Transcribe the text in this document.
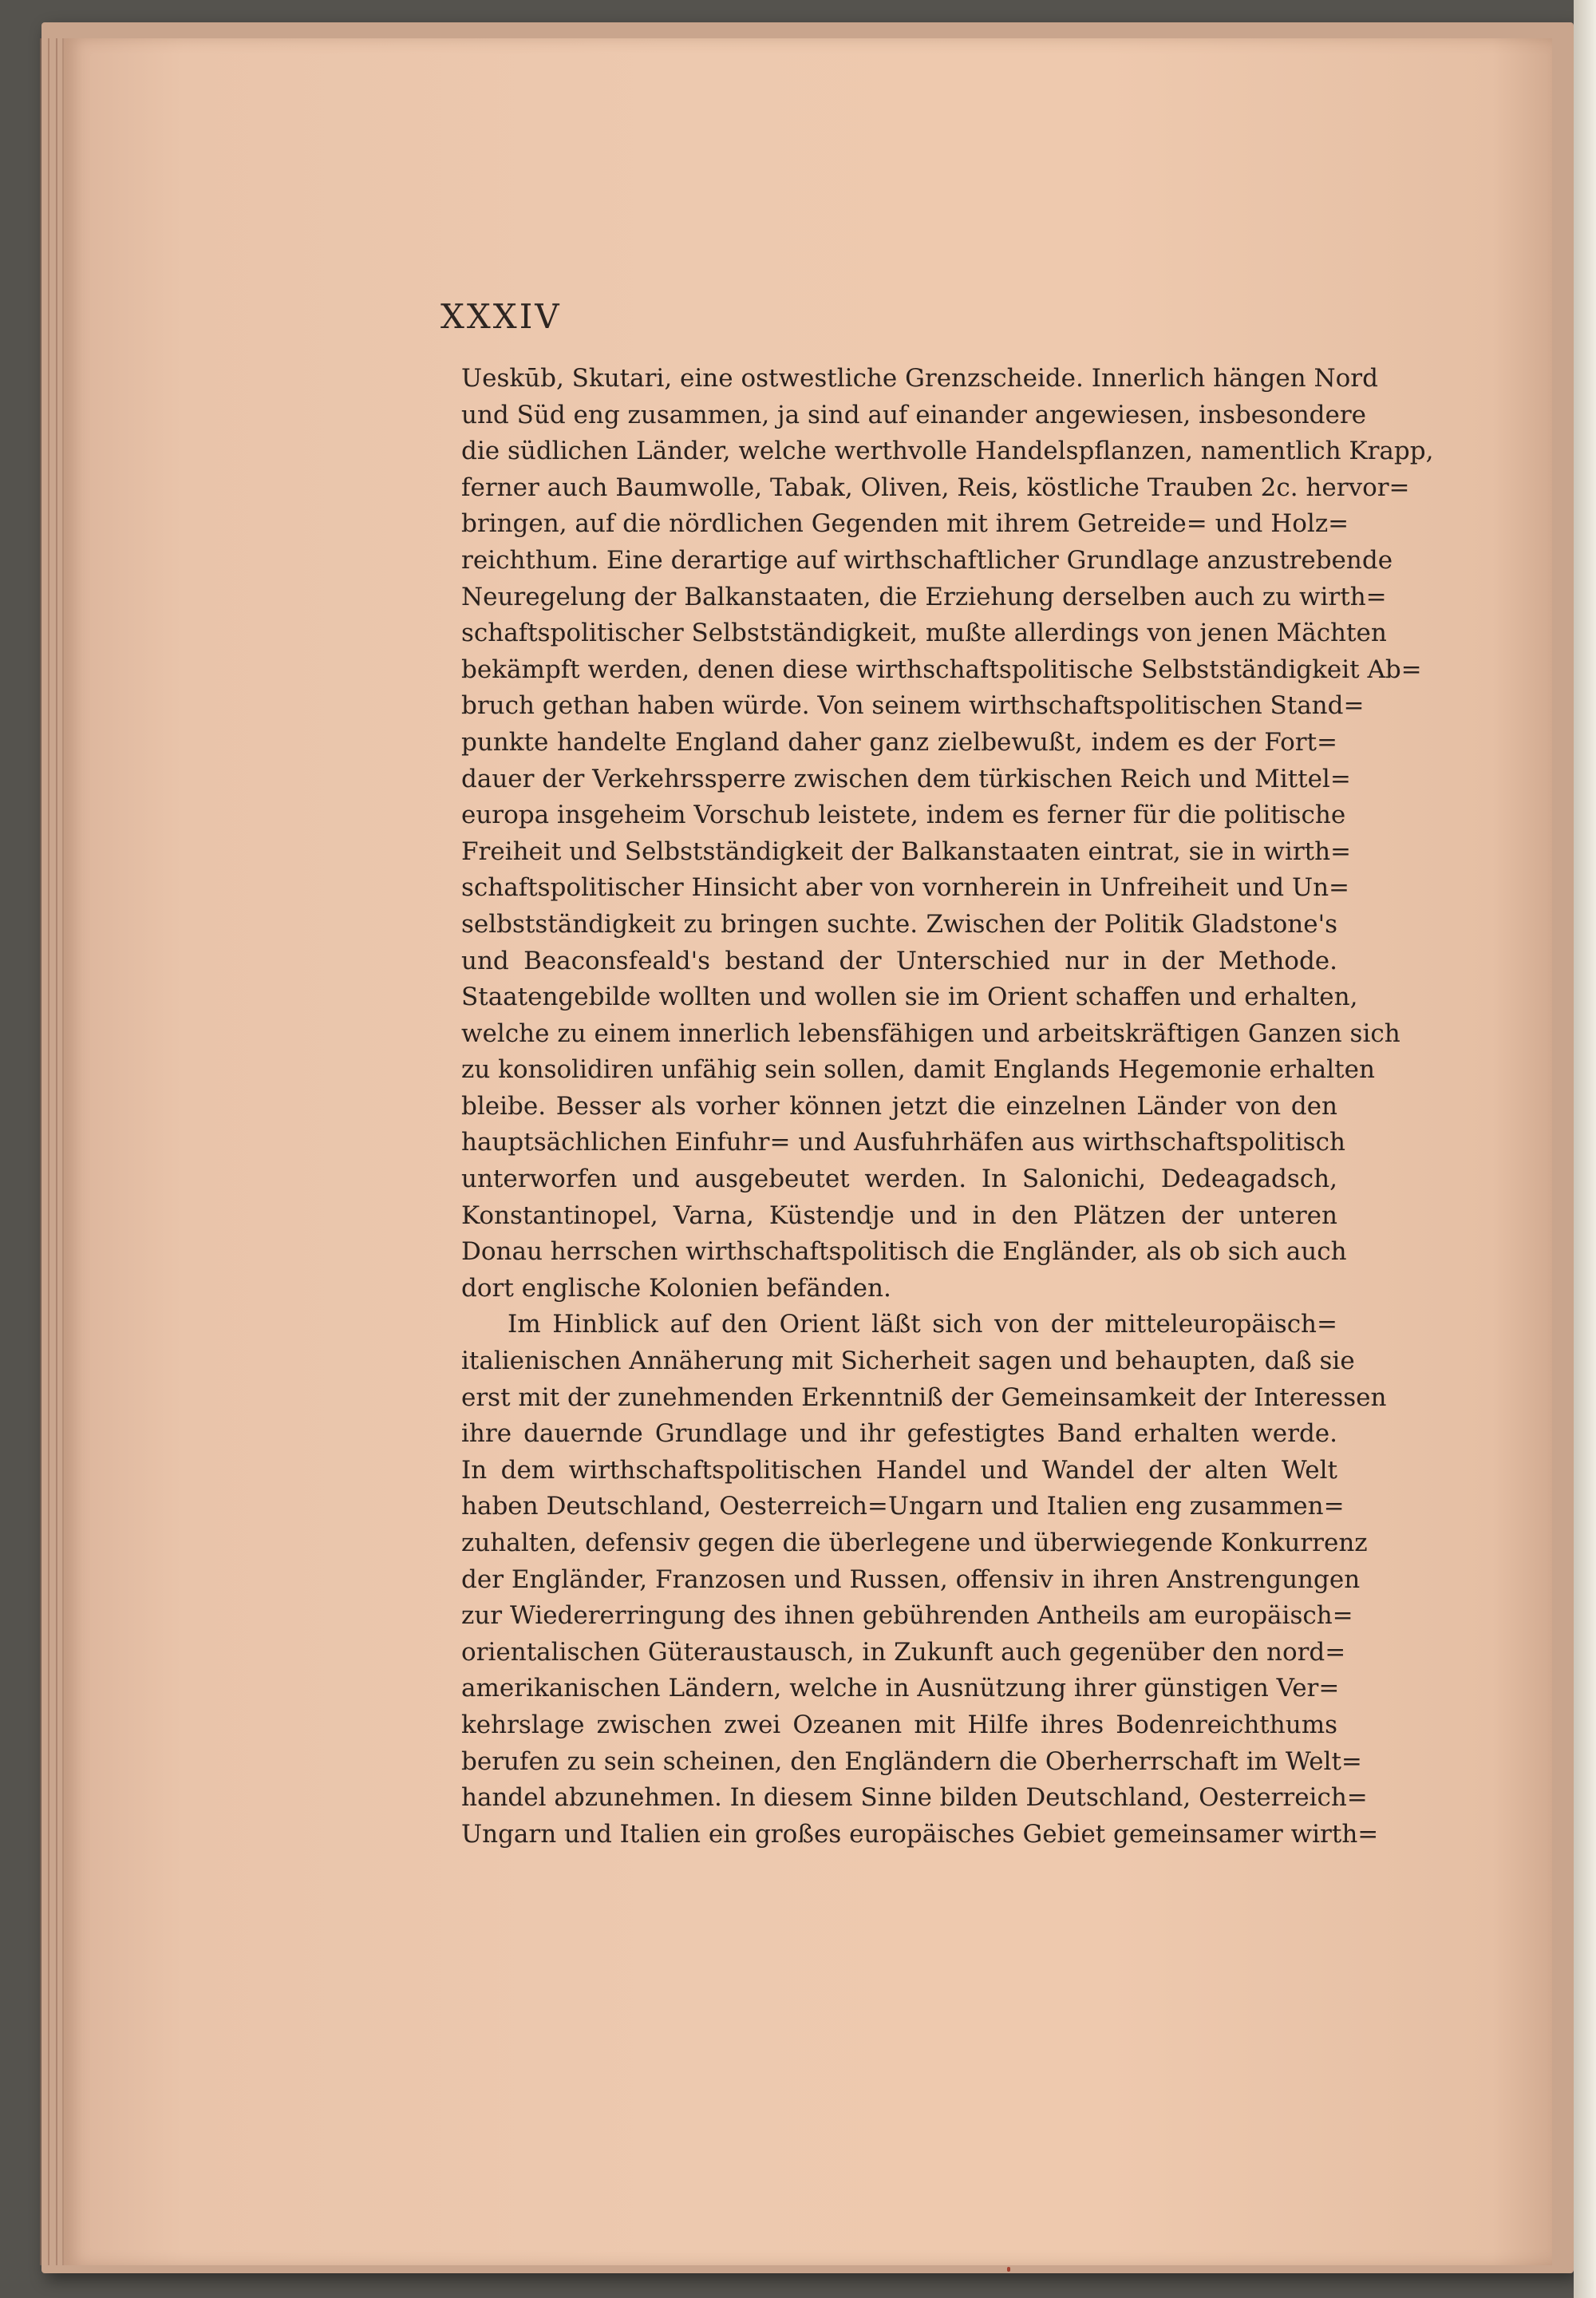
XXXIV
Ueskūb, Skutari, eine ostwestliche Grenzscheide. Innerlich hängen Nord
und Süd eng zusammen, ja sind auf einander angewiesen, insbesondere
die südlichen Länder, welche werthvolle Handelspflanzen, namentlich Krapp,
ferner auch Baumwolle, Tabak, Oliven, Reis, köstliche Trauben 2c. hervor=
bringen, auf die nördlichen Gegenden mit ihrem Getreide= und Holz=
reichthum. Eine derartige auf wirthschaftlicher Grundlage anzustrebende
Neuregelung der Balkanstaaten, die Erziehung derselben auch zu wirth=
schaftspolitischer Selbstständigkeit, mußte allerdings von jenen Mächten
bekämpft werden, denen diese wirthschaftspolitische Selbstständigkeit Ab=
bruch gethan haben würde. Von seinem wirthschaftspolitischen Stand=
punkte handelte England daher ganz zielbewußt, indem es der Fort=
dauer der Verkehrssperre zwischen dem türkischen Reich und Mittel=
europa insgeheim Vorschub leistete, indem es ferner für die politische
Freiheit und Selbstständigkeit der Balkanstaaten eintrat, sie in wirth=
schaftspolitischer Hinsicht aber von vornherein in Unfreiheit und Un=
selbstständigkeit zu bringen suchte. Zwischen der Politik Gladstone's
und Beaconsfeald's bestand der Unterschied nur in der Methode.
Staatengebilde wollten und wollen sie im Orient schaffen und erhalten,
welche zu einem innerlich lebensfähigen und arbeitskräftigen Ganzen sich
zu konsolidiren unfähig sein sollen, damit Englands Hegemonie erhalten
bleibe. Besser als vorher können jetzt die einzelnen Länder von den
hauptsächlichen Einfuhr= und Ausfuhrhäfen aus wirthschaftspolitisch
unterworfen und ausgebeutet werden. In Salonichi, Dedeagadsch,
Konstantinopel, Varna, Küstendje und in den Plätzen der unteren
Donau herrschen wirthschaftspolitisch die Engländer, als ob sich auch
dort englische Kolonien befänden.
Im Hinblick auf den Orient läßt sich von der mitteleuropäisch=
italienischen Annäherung mit Sicherheit sagen und behaupten, daß sie
erst mit der zunehmenden Erkenntniß der Gemeinsamkeit der Interessen
ihre dauernde Grundlage und ihr gefestigtes Band erhalten werde.
In dem wirthschaftspolitischen Handel und Wandel der alten Welt
haben Deutschland, Oesterreich=Ungarn und Italien eng zusammen=
zuhalten, defensiv gegen die überlegene und überwiegende Konkurrenz
der Engländer, Franzosen und Russen, offensiv in ihren Anstrengungen
zur Wiedererringung des ihnen gebührenden Antheils am europäisch=
orientalischen Güteraustausch, in Zukunft auch gegenüber den nord=
amerikanischen Ländern, welche in Ausnützung ihrer günstigen Ver=
kehrslage zwischen zwei Ozeanen mit Hilfe ihres Bodenreichthums
berufen zu sein scheinen, den Engländern die Oberherrschaft im Welt=
handel abzunehmen. In diesem Sinne bilden Deutschland, Oesterreich=
Ungarn und Italien ein großes europäisches Gebiet gemeinsamer wirth=
